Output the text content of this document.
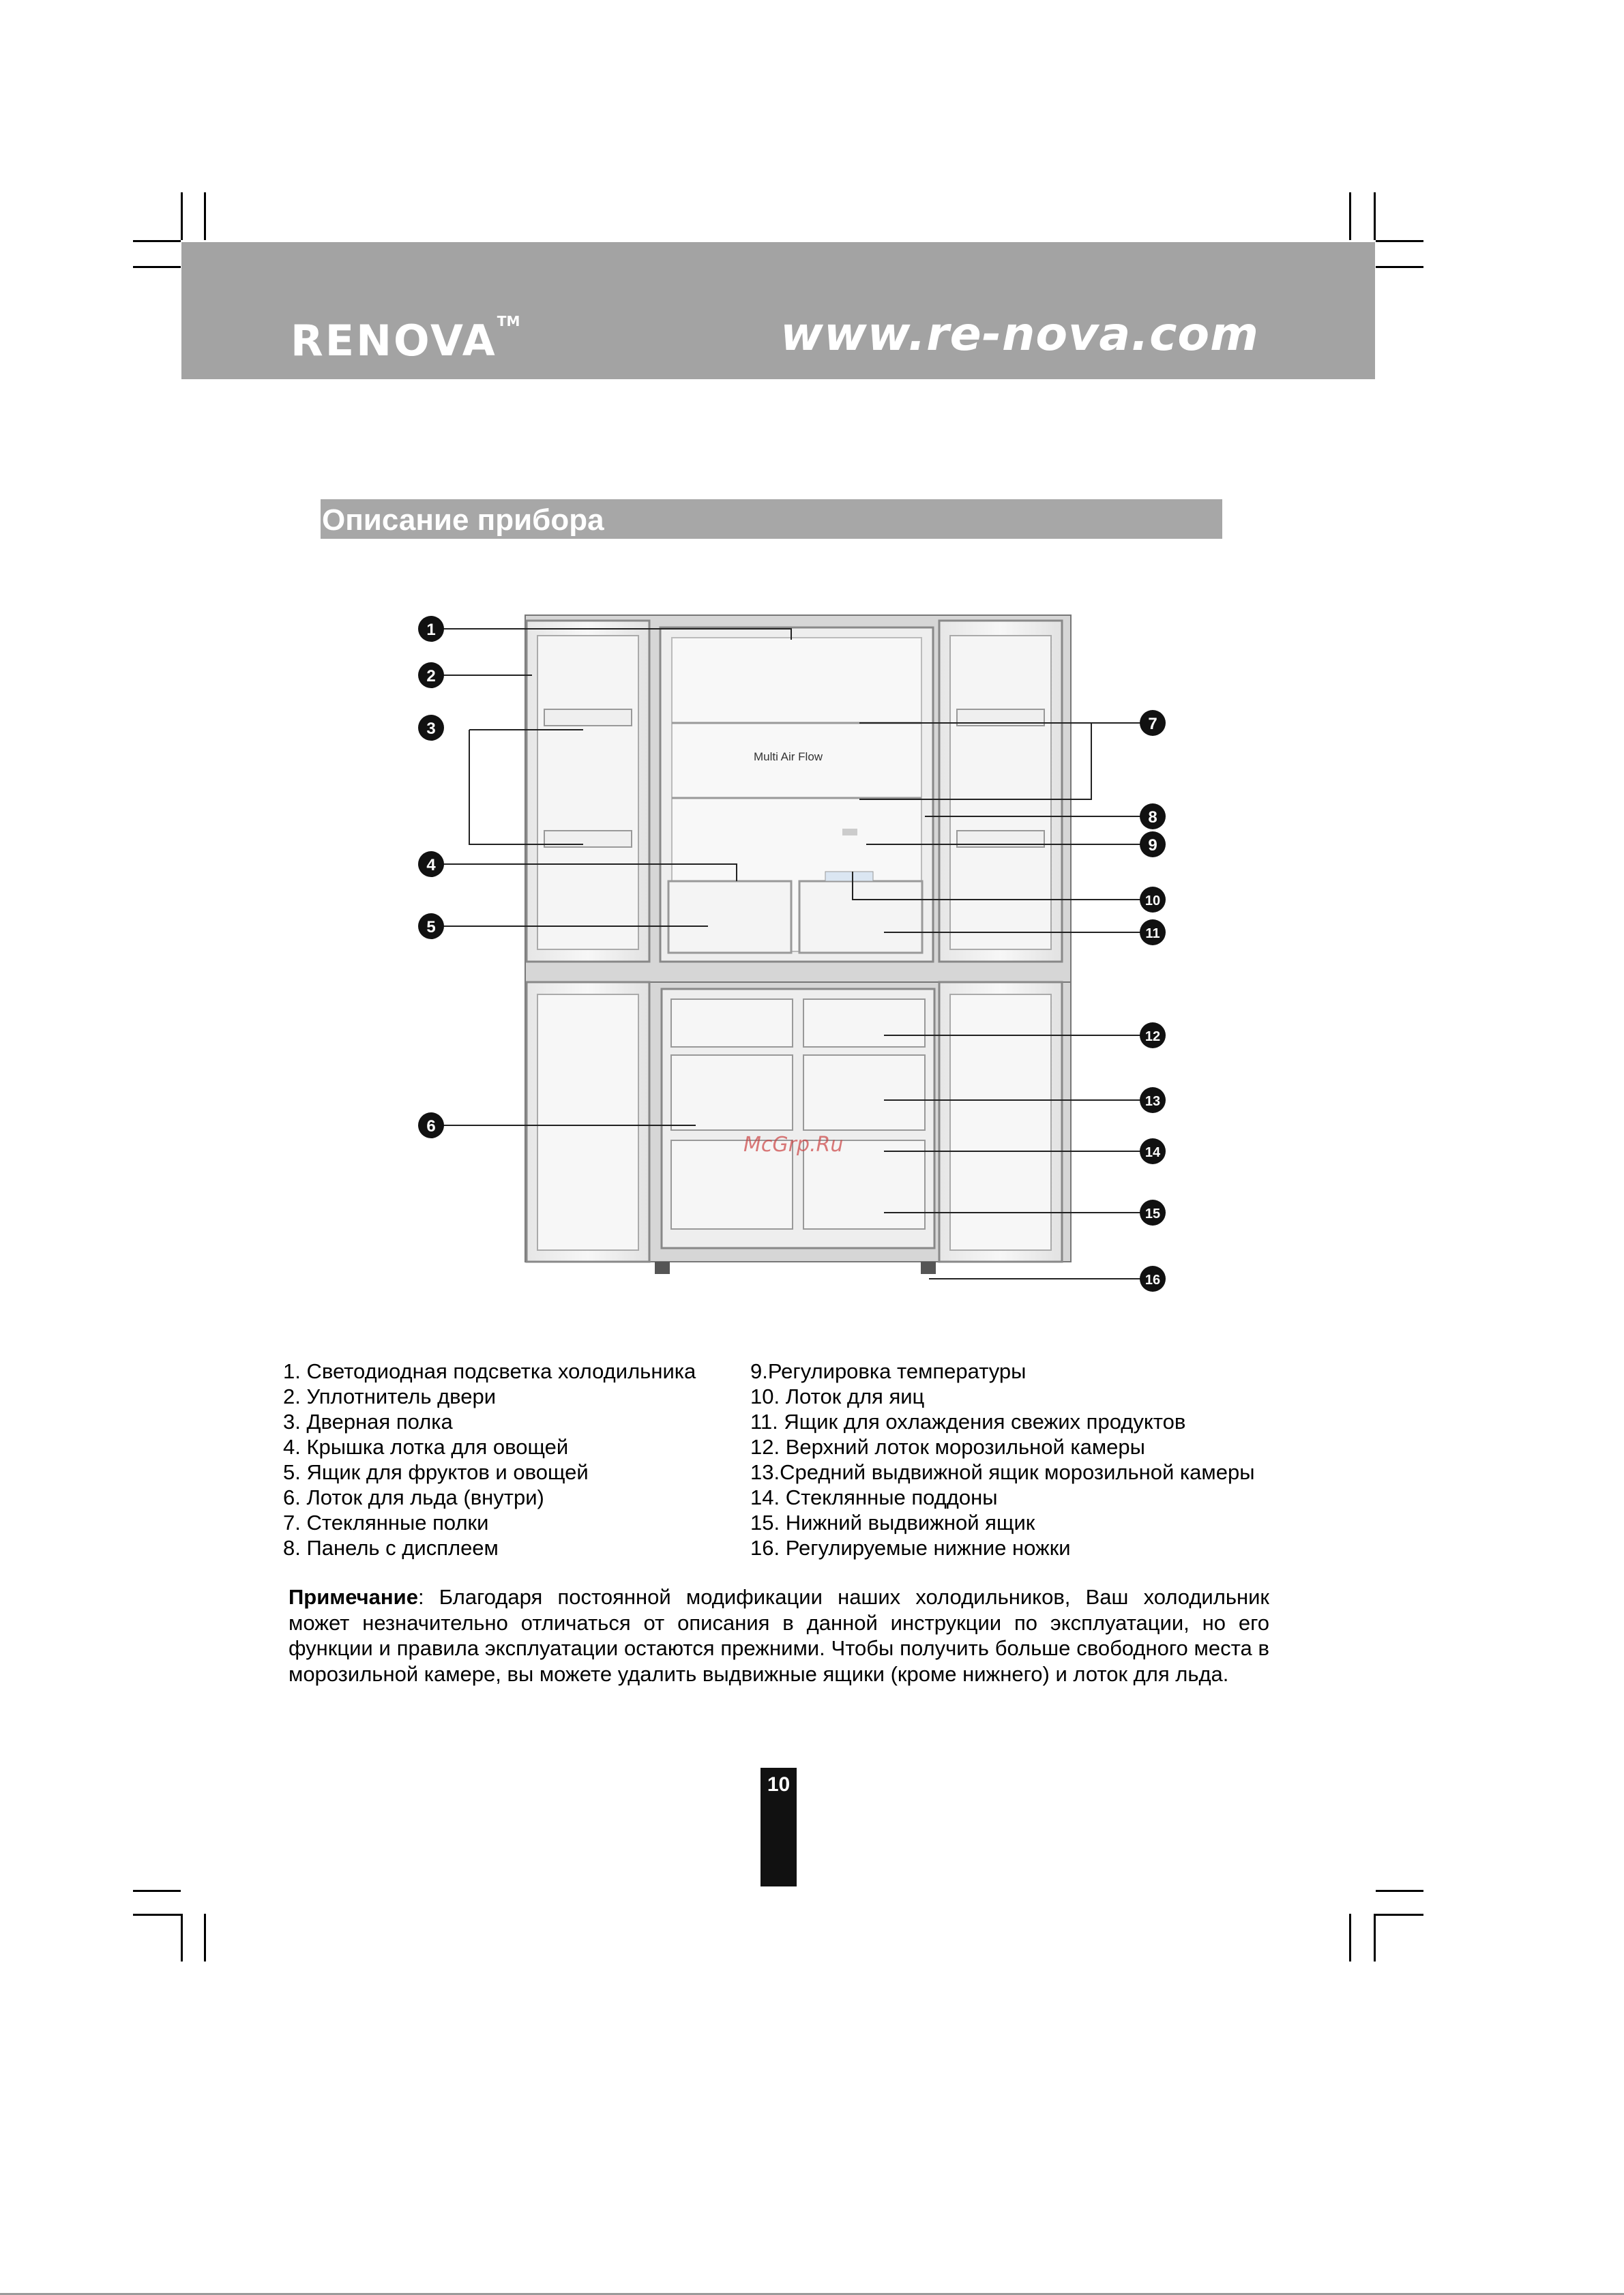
RENOVA™	www.re-nova.com
Описание прибора
Multi Air Flow
McGrp.Ru
1
2
3
4
5
6
7
8
9
10
11
12
13
14
15
16
1. Светодиодная подсветка холодильника
2. Уплотнитель двери
3. Дверная полка
4. Крышка лотка для овощей
5. Ящик для фруктов и овощей
6. Лоток для льда (внутри)
7. Стеклянные полки
8. Панель с дисплеем
9.Регулировка температуры
10. Лоток для яиц
11. Ящик для охлаждения свежих продуктов
12. Верхний лоток морозильной камеры
13.Средний выдвижной ящик морозильной камеры
14. Стеклянные поддоны
15. Нижний выдвижной ящик
16. Регулируемые нижние ножки
Примечание: Благодаря постоянной модификации наших холодильников, Ваш холодильник может незначительно отличаться от описания в данной инструкции по эксплуатации, но его функции и правила эксплуатации остаются прежними. Чтобы получить больше свободного места в морозильной камере, вы можете удалить выдвижные ящики (кроме нижнего) и лоток для льда.
10
